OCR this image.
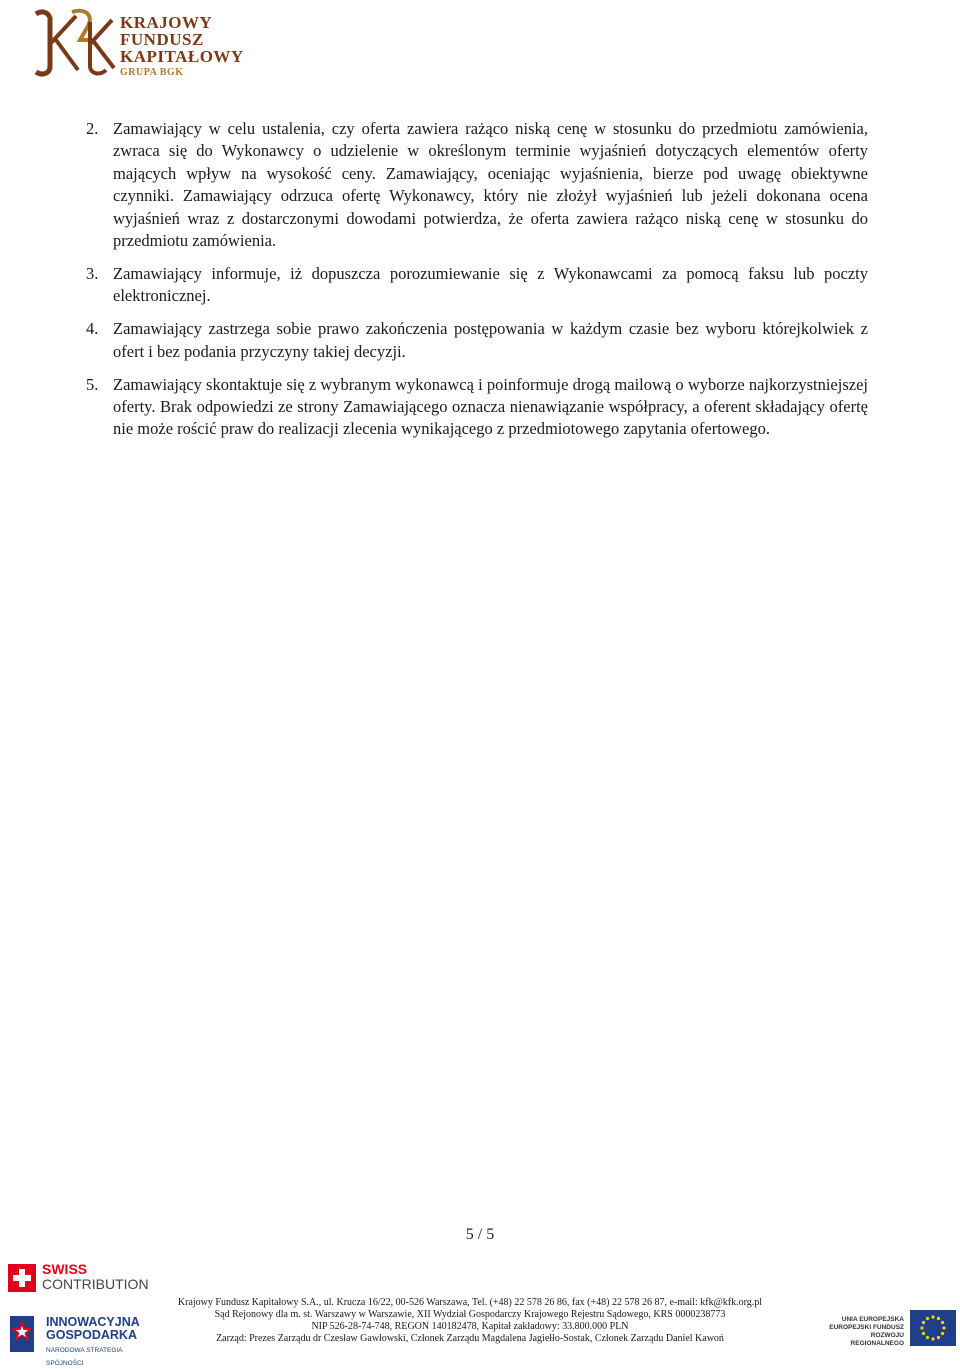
KRAJOWY
FUNDUSZ
KAPITAŁOWY
GRUPA BGK
2. Zamawiający w celu ustalenia, czy oferta zawiera rażąco niską cenę w stosunku do przedmiotu zamówienia, zwraca się do Wykonawcy o udzielenie w określonym terminie wyjaśnień dotyczących elementów oferty mających wpływ na wysokość ceny. Zamawiający, oceniając wyjaśnienia, bierze pod uwagę obiektywne czynniki. Zamawiający odrzuca ofertę Wykonawcy, który nie złożył wyjaśnień lub jeżeli dokonana ocena wyjaśnień wraz z dostarczonymi dowodami potwierdza, że oferta zawiera rażąco niską cenę w stosunku do przedmiotu zamówienia.
3. Zamawiający informuje, iż dopuszcza porozumiewanie się z Wykonawcami za pomocą faksu lub poczty elektronicznej.
4. Zamawiający zastrzega sobie prawo zakończenia postępowania w każdym czasie bez wyboru którejkolwiek z ofert i bez podania przyczyny takiej decyzji.
5. Zamawiający skontaktuje się z wybranym wykonawcą i poinformuje drogą mailową o wyborze najkorzystniejszej oferty. Brak odpowiedzi ze strony Zamawiającego oznacza nienawiązanie współpracy, a oferent składający ofertę nie może rościć praw do realizacji zlecenia wynikającego z przedmiotowego zapytania ofertowego.
5 / 5
SWISS
CONTRIBUTION
INNOWACYJNA
GOSPODARKA
NARODOWA STRATEGIA SPÓJNOŚCI
Krajowy Fundusz Kapitałowy S.A., ul. Krucza 16/22, 00-526 Warszawa, Tel. (+48) 22 578 26 86, fax (+48) 22 578 26 87, e-mail: kfk@kfk.org.pl
Sąd Rejonowy dla m. st. Warszawy w Warszawie, XII Wydział Gospodarczy Krajowego Rejestru Sądowego, KRS 0000238773
NIP 526-28-74-748, REGON 140182478, Kapitał zakładowy: 33.800.000 PLN
Zarząd: Prezes Zarządu dr Czesław Gawłowski, Członek Zarządu Magdalena Jagiełło-Sostak, Członek Zarządu Daniel Kawoń
UNIA EUROPEJSKA
EUROPEJSKI FUNDUSZ
ROZWOJU REGIONALNEGO
